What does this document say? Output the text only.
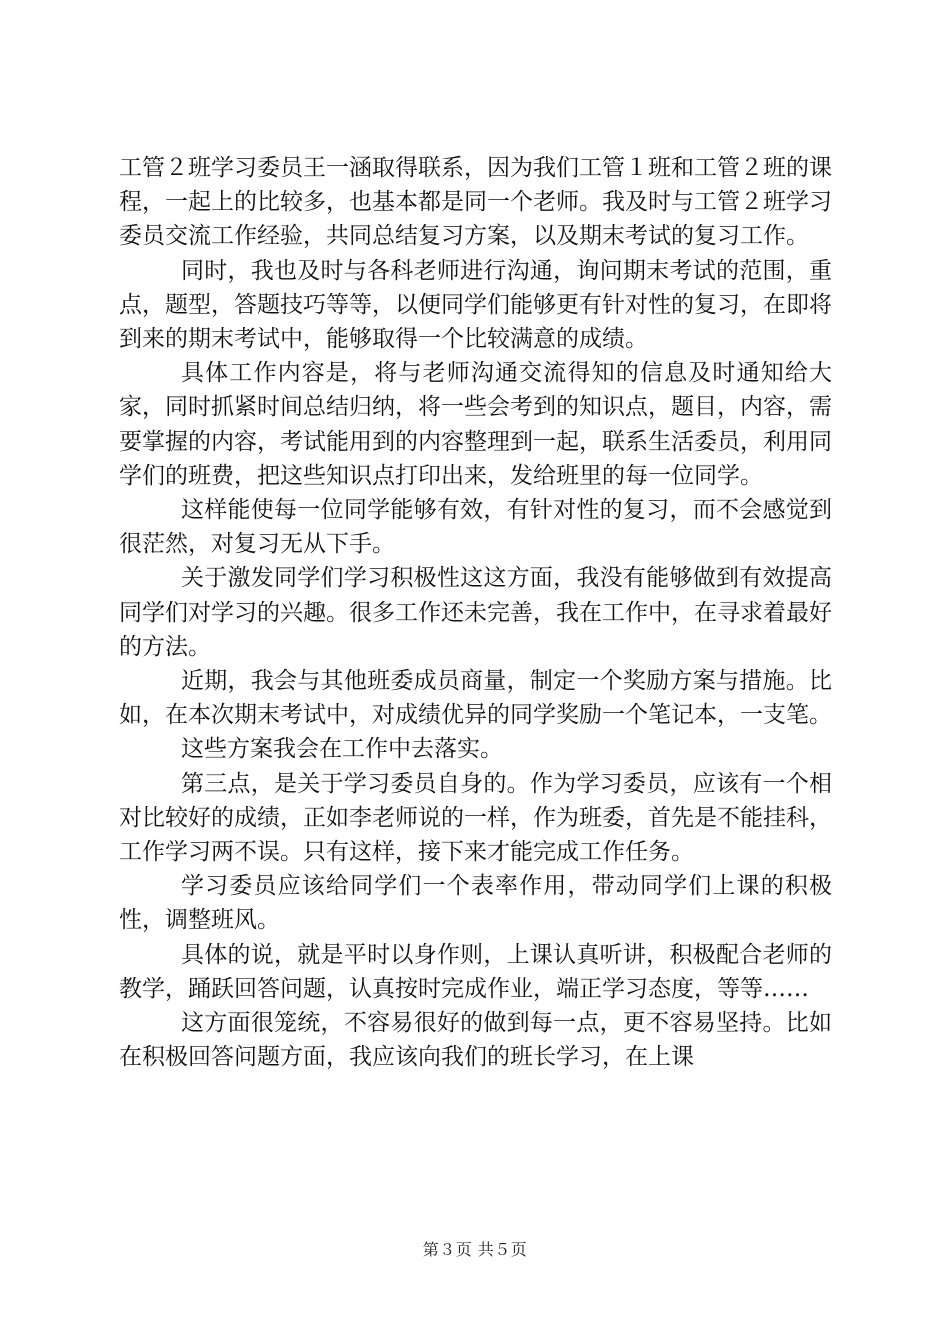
工管２班学习委员王一涵取得联系，因为我们工管１班和工管２班的课程，一起上的比较多，也基本都是同一个老师。我及时与工管２班学习委员交流工作经验，共同总结复习方案，以及期末考试的复习工作。

同时，我也及时与各科老师进行沟通，询问期末考试的范围，重点，题型，答题技巧等等，以便同学们能够更有针对性的复习，在即将到来的期末考试中，能够取得一个比较满意的成绩。

具体工作内容是，将与老师沟通交流得知的信息及时通知给大家，同时抓紧时间总结归纳，将一些会考到的知识点，题目，内容，需要掌握的内容，考试能用到的内容整理到一起，联系生活委员，利用同学们的班费，把这些知识点打印出来，发给班里的每一位同学。

这样能使每一位同学能够有效，有针对性的复习，而不会感觉到很茫然，对复习无从下手。

关于激发同学们学习积极性这这方面，我没有能够做到有效提高同学们对学习的兴趣。很多工作还未完善，我在工作中，在寻求着最好的方法。

近期，我会与其他班委成员商量，制定一个奖励方案与措施。比如，在本次期末考试中，对成绩优异的同学奖励一个笔记本，一支笔。

这些方案我会在工作中去落实。

第三点，是关于学习委员自身的。作为学习委员，应该有一个相对比较好的成绩，正如李老师说的一样，作为班委，首先是不能挂科，工作学习两不误。只有这样，接下来才能完成工作任务。

学习委员应该给同学们一个表率作用，带动同学们上课的积极性，调整班风。

具体的说，就是平时以身作则，上课认真听讲，积极配合老师的教学，踊跃回答问题，认真按时完成作业，端正学习态度，等等……

这方面很笼统，不容易很好的做到每一点，更不容易坚持。比如在积极回答问题方面，我应该向我们的班长学习，在上课

第３页 共５页
